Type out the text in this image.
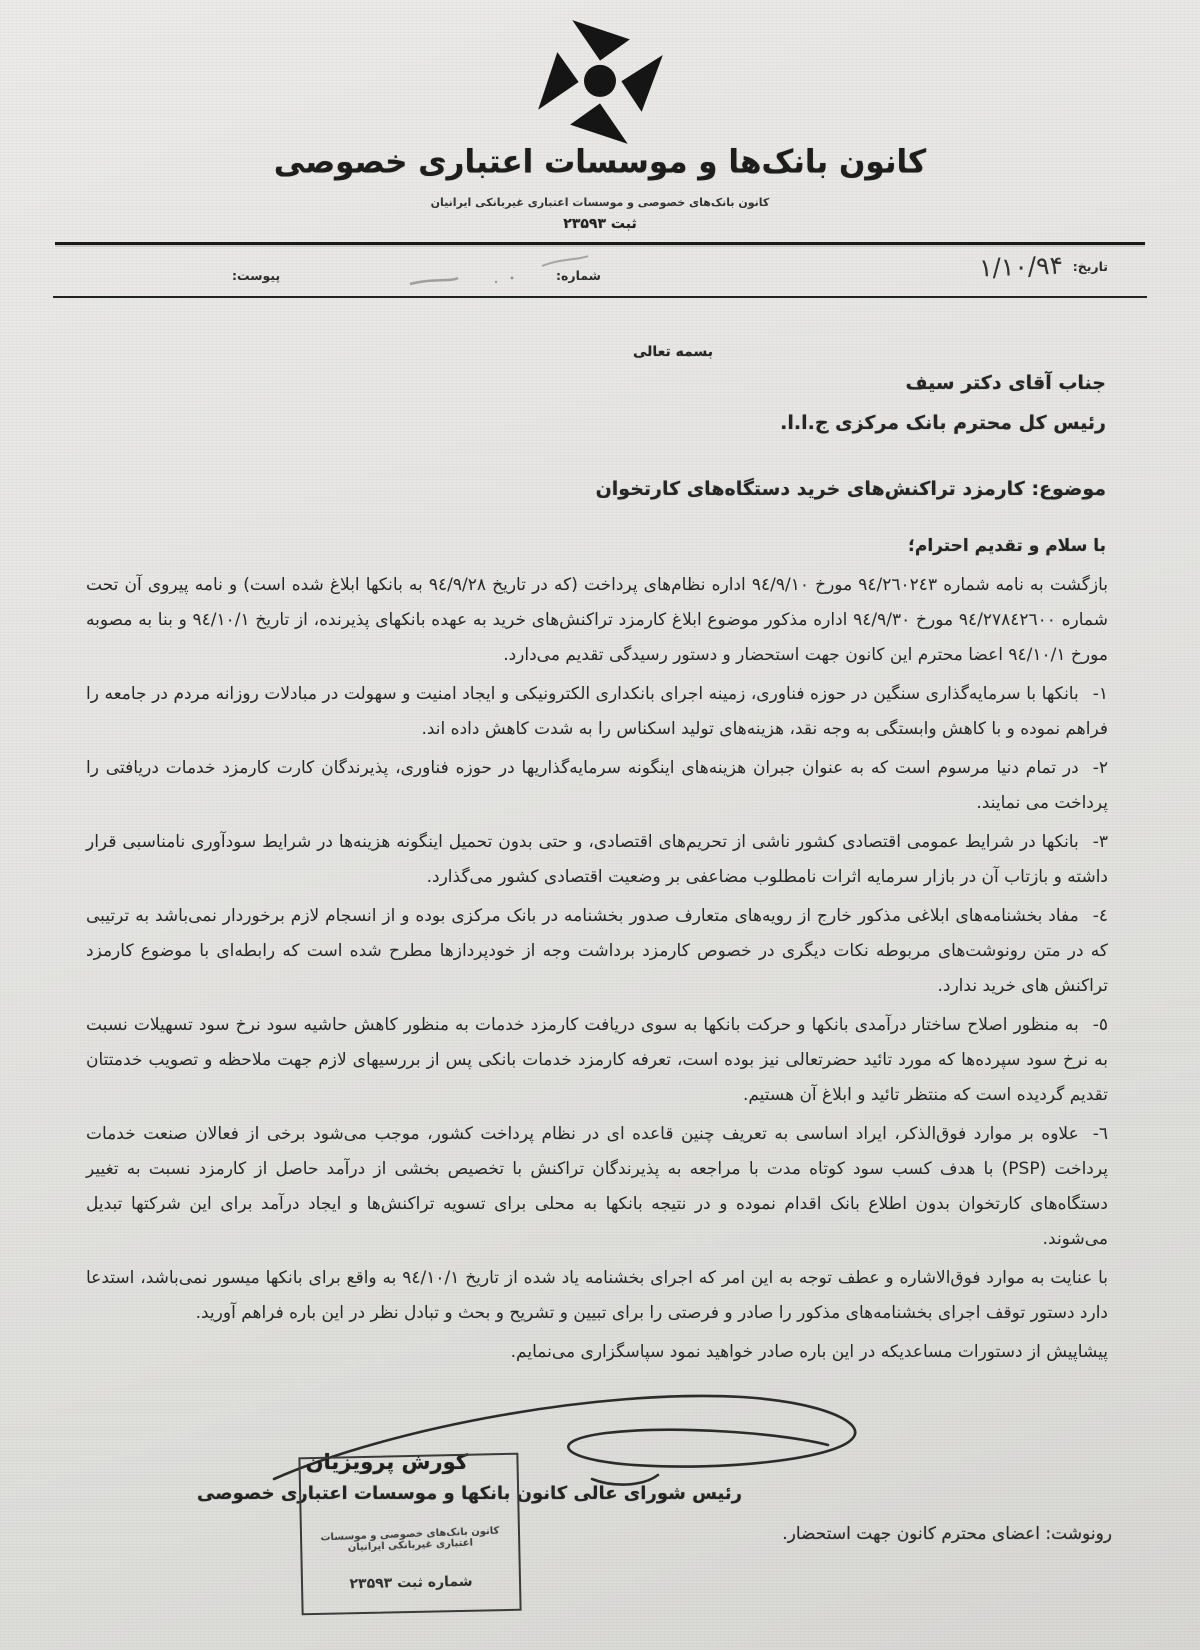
کانون بانک‌ها و موسسات اعتباری خصوصی
کانون بانک‌های خصوصی و موسسات اعتباری غیربانکی ایرانیان
ثبت ۲۳۵۹۳
تاریخ:
۱/۱۰/۹۴
شماره:
پیوست:
بسمه تعالی
جناب آقای دکتر سیف
رئیس کل محترم بانک مرکزی ج.ا.ا.
موضوع: کارمزد تراکنش‌های خرید دستگاه‌های کارتخوان
با سلام و تقدیم احترام؛

بازگشت به نامه شماره ٩٤/٢٦٠٢٤٣ مورخ ٩٤/٩/١٠ اداره نظام‌های پرداخت (که در تاریخ ٩٤/٩/٢٨ به بانکها ابلاغ شده است) و نامه پیروی آن تحت شماره ٩٤/٢٧٨٤٢٦٠٠ مورخ ٩٤/٩/٣٠ اداره مذکور موضوع ابلاغ کارمزد تراکنش‌های خرید به عهده بانکهای پذیرنده، از تاریخ ٩٤/١٠/١ و بنا به مصوبه مورخ ٩٤/١٠/١ اعضا محترم این کانون جهت استحضار و دستور رسیدگی تقدیم می‌دارد.

١-بانکها با سرمایه‌گذاری سنگین در حوزه فناوری، زمینه اجرای بانکداری الکترونیکی و ایجاد امنیت و سهولت در مبادلات روزانه مردم در جامعه را فراهم نموده و با کاهش وابستگی به وجه نقد، هزینه‌های تولید اسکناس را به شدت کاهش داده اند.

٢-در تمام دنیا مرسوم است که به عنوان جبران هزینه‌های اینگونه سرمایه‌گذاریها در حوزه فناوری، پذیرندگان کارت کارمزد خدمات دریافتی را پرداخت می نمایند.

٣-بانکها در شرایط عمومی اقتصادی کشور ناشی از تحریم‌های اقتصادی، و حتی بدون تحمیل اینگونه هزینه‌ها در شرایط سودآوری نامناسبی قرار داشته و بازتاب آن در بازار سرمایه اثرات نامطلوب مضاعفی بر وضعیت اقتصادی کشور می‌گذارد.

٤-مفاد بخشنامه‌های ابلاغی مذکور خارج از رویه‌های متعارف صدور بخشنامه در بانک مرکزی بوده و از انسجام لازم برخوردار نمی‌باشد به ترتیبی که در متن رونوشت‌های مربوطه نکات دیگری در خصوص کارمزد برداشت وجه از خودپردازها مطرح شده است که رابطه‌ای با موضوع کارمزد تراکنش های خرید ندارد.

٥-به منظور اصلاح ساختار درآمدی بانکها و حرکت بانکها به سوی دریافت کارمزد خدمات به منظور کاهش حاشیه سود نرخ سود تسهیلات نسبت به نرخ سود سپرده‌ها که مورد تائید حضرتعالی نیز بوده است، تعرفه کارمزد خدمات بانکی پس از بررسیهای لازم جهت ملاحظه و تصویب خدمتتان تقدیم گردیده است که منتظر تائید و ابلاغ آن هستیم.

٦-علاوه بر موارد فوق‌الذکر، ایراد اساسی به تعریف چنین قاعده ای در نظام پرداخت کشور، موجب می‌شود برخی از فعالان صنعت خدمات پرداخت (PSP) با هدف کسب سود کوتاه مدت با مراجعه به پذیرندگان تراکنش با تخصیص بخشی از درآمد حاصل از کارمزد نسبت به تغییر دستگاه‌های کارتخوان بدون اطلاع بانک اقدام نموده و در نتیجه بانکها به محلی برای تسویه تراکنش‌ها و ایجاد درآمد برای این شرکتها تبدیل می‌شوند.

با عنایت به موارد فوق‌الاشاره و عطف توجه به این امر که اجرای بخشنامه یاد شده از تاریخ ٩٤/١٠/١ به واقع برای بانکها میسور نمی‌باشد، استدعا دارد دستور توقف اجرای بخشنامه‌های مذکور را صادر و فرصتی را برای تبیین و تشریح و بحث و تبادل نظر در این باره فراهم آورید.

پیشاپیش از دستورات مساعدیکه در این باره صادر خواهید نمود سپاسگزاری می‌نمایم.

کورش پرویزیان
رئیس شورای عالی کانون بانکها و موسسات اعتباری خصوصی
کانون بانک‌های خصوصی و موسسات اعتباری غیربانکی ایرانیان
شماره ثبت ۲۳۵۹۳
رونوشت: اعضای محترم کانون جهت استحضار.
